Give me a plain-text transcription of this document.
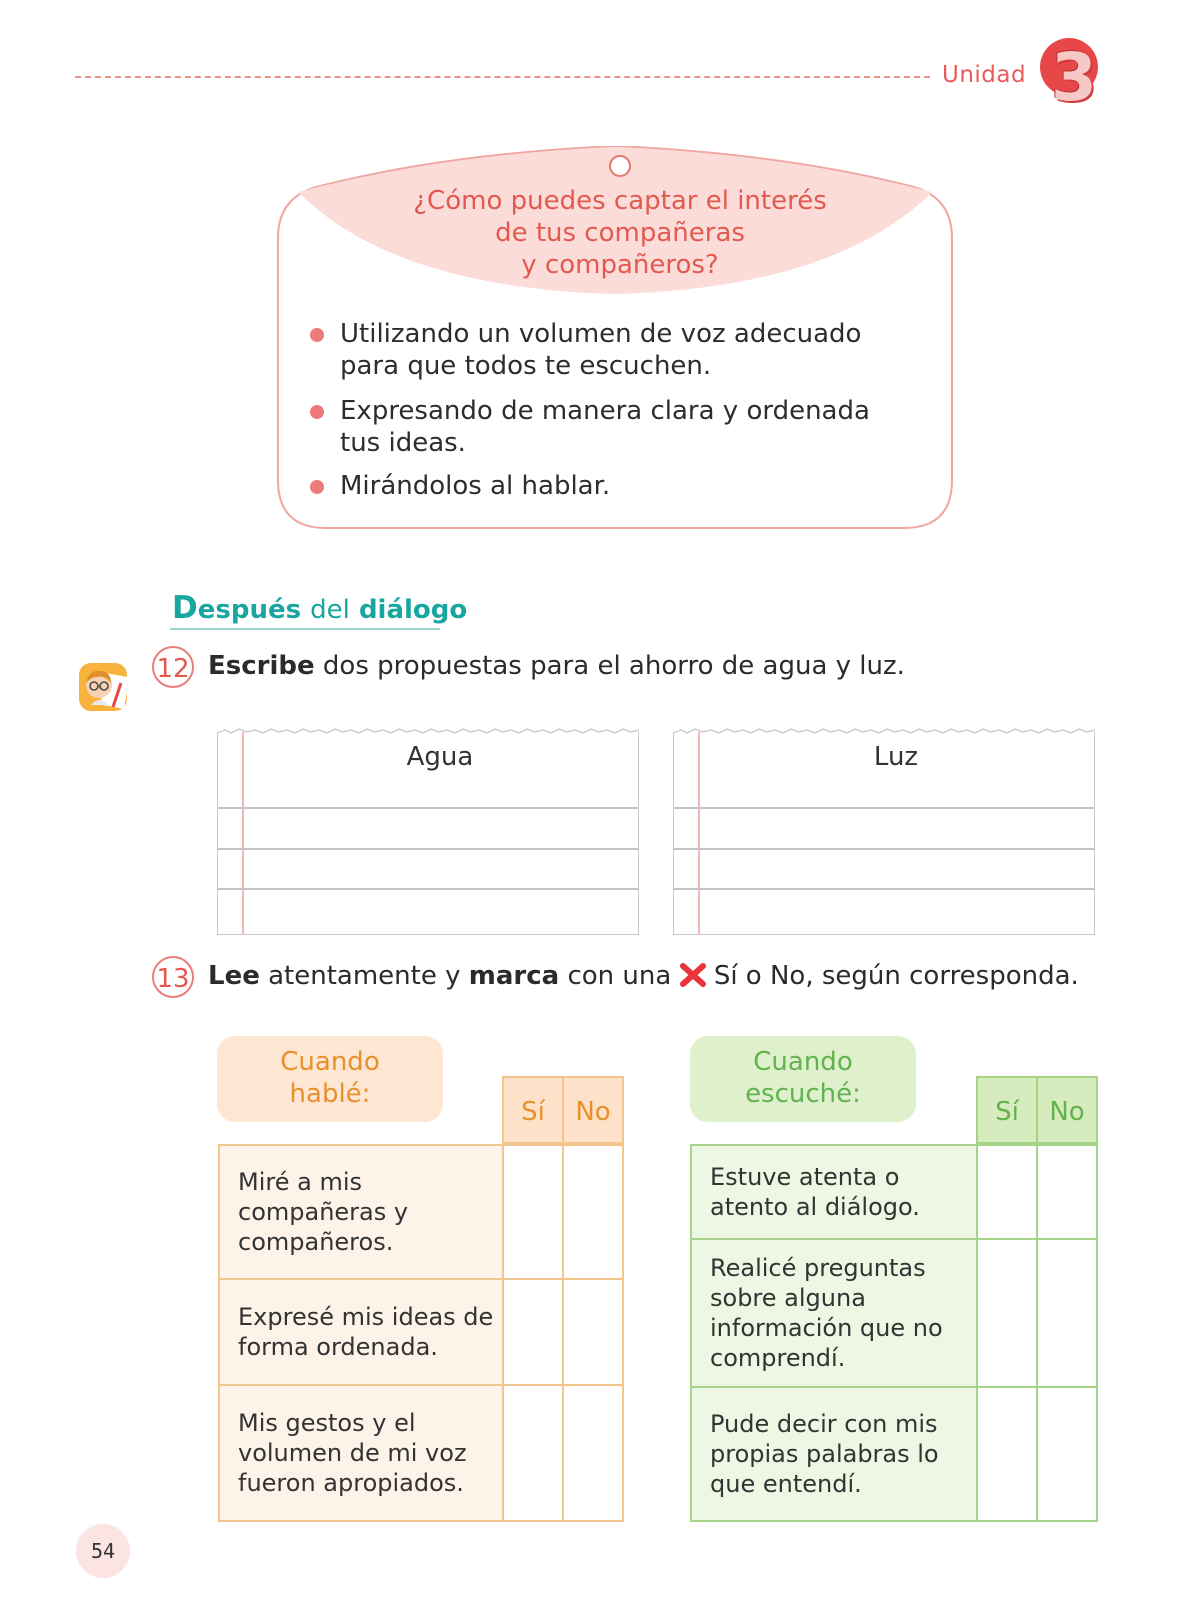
Unidad 3
¿Cómo puedes captar el interés
de tus compañeras
y compañeros?
Utilizando un volumen de voz adecuado
para que todos te escuchen.
Expresando de manera clara y ordenada
tus ideas.
Mirándolos al hablar.
Después del diálogo
12 Escribe dos propuestas para el ahorro de agua y luz.
Agua	Luz
13 Lee atentamente y marca con una Sí o No, según corresponda.
Cuando
hablé:
Sí	No
Miré a mis
compañeras y
compañeros.
Expresé mis ideas de
forma ordenada.
Mis gestos y el
volumen de mi voz
fueron apropiados.
Cuando
escuché:
Sí	No
Estuve atenta o
atento al diálogo.
Realicé preguntas
sobre alguna
información que no
comprendí.
Pude decir con mis
propias palabras lo
que entendí.
54
